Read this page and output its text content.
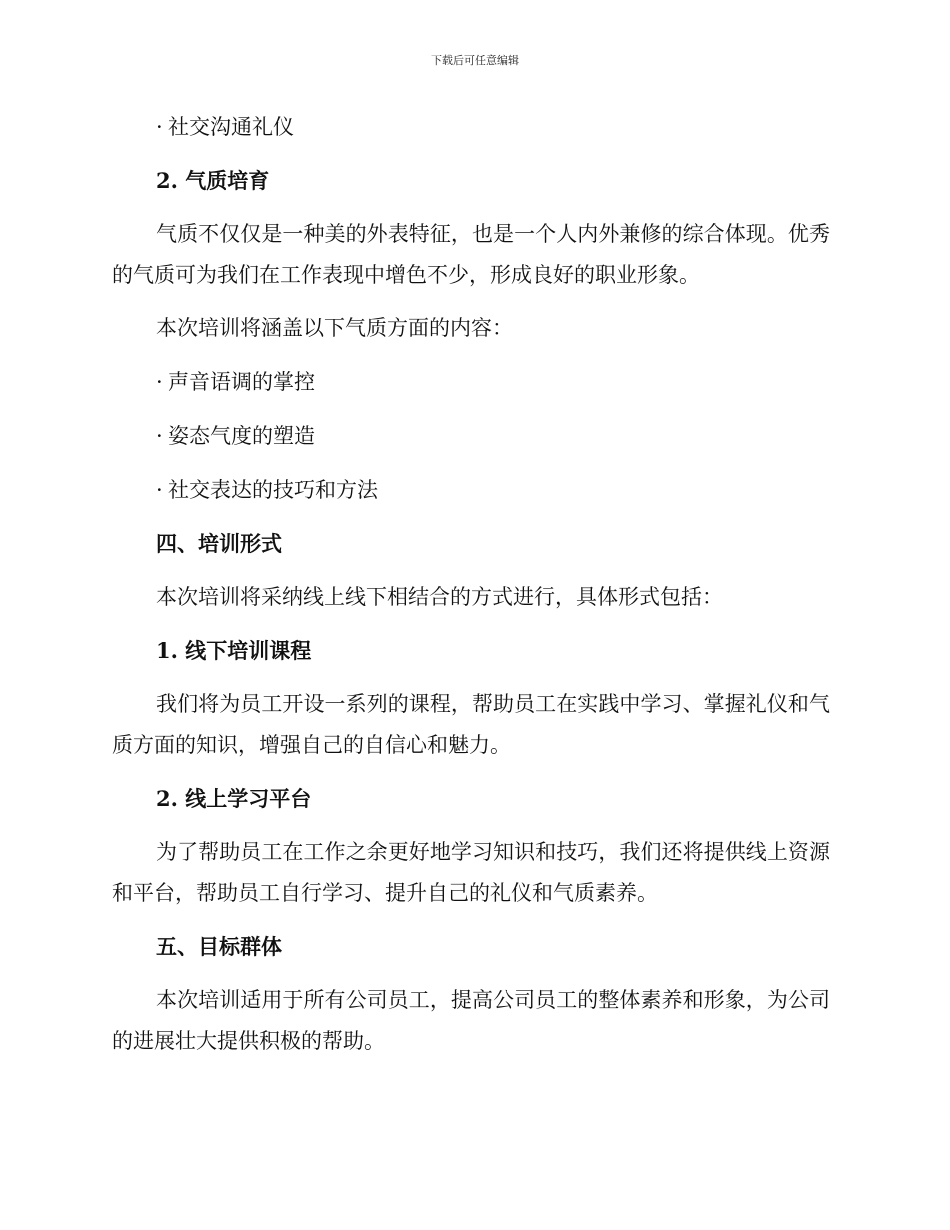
下载后可任意编辑
· 社交沟通礼仪
2. 气质培育
气质不仅仅是一种美的外表特征，也是一个人内外兼修的综合体现。优秀的气质可为我们在工作表现中增色不少，形成良好的职业形象。
本次培训将涵盖以下气质方面的内容：
· 声音语调的掌控
· 姿态气度的塑造
· 社交表达的技巧和方法
四、培训形式
本次培训将采纳线上线下相结合的方式进行，具体形式包括：
1. 线下培训课程
我们将为员工开设一系列的课程，帮助员工在实践中学习、掌握礼仪和气质方面的知识，增强自己的自信心和魅力。
2. 线上学习平台
为了帮助员工在工作之余更好地学习知识和技巧，我们还将提供线上资源和平台，帮助员工自行学习、提升自己的礼仪和气质素养。
五、目标群体
本次培训适用于所有公司员工，提高公司员工的整体素养和形象，为公司的进展壮大提供积极的帮助。
